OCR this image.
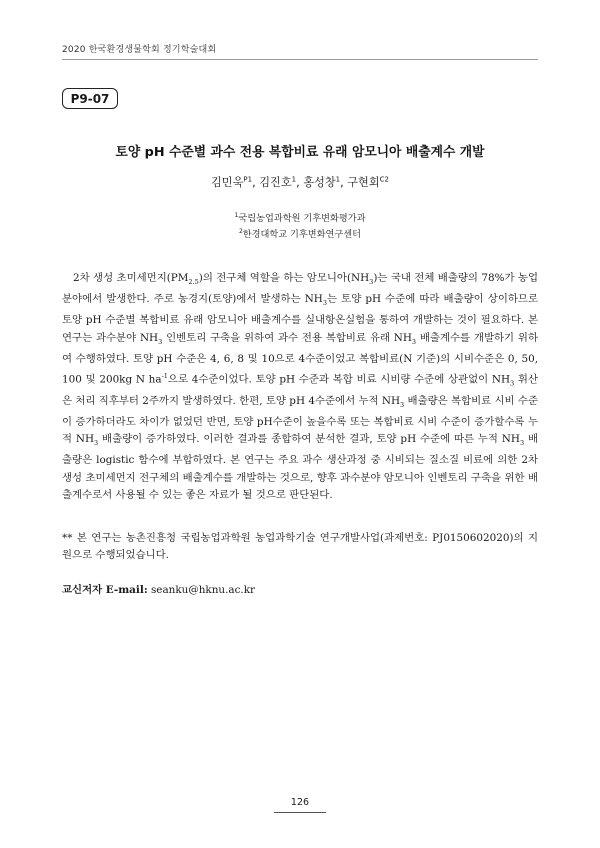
2020 한국환경생물학회 정기학술대회
P9-07
토양 pH 수준별 과수 전용 복합비료 유래 암모니아 배출계수 개발
김민욱$^{P1}$, 김진호$^1$, 홍성창$^1$, 구현회$^{C2}$
$^1$국립농업과학원 기후변화평가과
$^2$한경대학교 기후변화연구센터
2차 생성 초미세먼지$(PM_{2.5})$의 전구체 역할을 하는 암모니아$(NH_3)$는 국내 전체 배출량의 78%가 농업분야에서 발생한다. 주로 농경지(토양)에서 발생하는 $NH_3$는 토양 pH 수준에 따라 배출량이 상이하므로 토양 pH 수준별 복합비료 유래 암모니아 배출계수를 실내항온실험을 통하여 개발하는 것이 필요하다. 본 연구는 과수분야 $NH_3$ 인벤토리 구축을 위하여 과수 전용 복합비료 유래 $NH_3$ 배출계수를 개발하기 위하여 수행하였다. 토양 pH 수준은 4, 6, 8 및 10으로 4수준이었고 복합비료(N 기준)의 시비수준은 0, 50, 100 및 200kg N $ha^{-1}$으로 4수준이었다. 토양 pH 수준과 복합 비료 시비량 수준에 상관없이 $NH_3$ 휘산은 처리 직후부터 2주까지 발생하였다. 한편, 토양 pH 4수준에서 누적 $NH_3$ 배출량은 복합비료 시비 수준이 증가하더라도 차이가 없었던 반면, 토양 pH수준이 높을수록 또는 복합비료 시비 수준이 증가할수록 누적 $NH_3$ 배출량이 증가하였다. 이러한 결과를 종합하여 분석한 결과, 토양 pH 수준에 따른 누적 $NH_3$ 배출량은 logistic 함수에 부합하였다. 본 연구는 주요 과수 생산과정 중 시비되는 질소질 비료에 의한 2차 생성 초미세먼지 전구체의 배출계수를 개발하는 것으로, 향후 과수분야 암모니아 인벤토리 구축을 위한 배출계수로서 사용될 수 있는 좋은 자료가 될 것으로 판단된다.
** 본 연구는 농촌진흥청 국립농업과학원 농업과학기술 연구개발사업(과제번호: PJ0150602020)의 지원으로 수행되었습니다.
교신저자 E-mail: seanku@hknu.ac.kr
126
